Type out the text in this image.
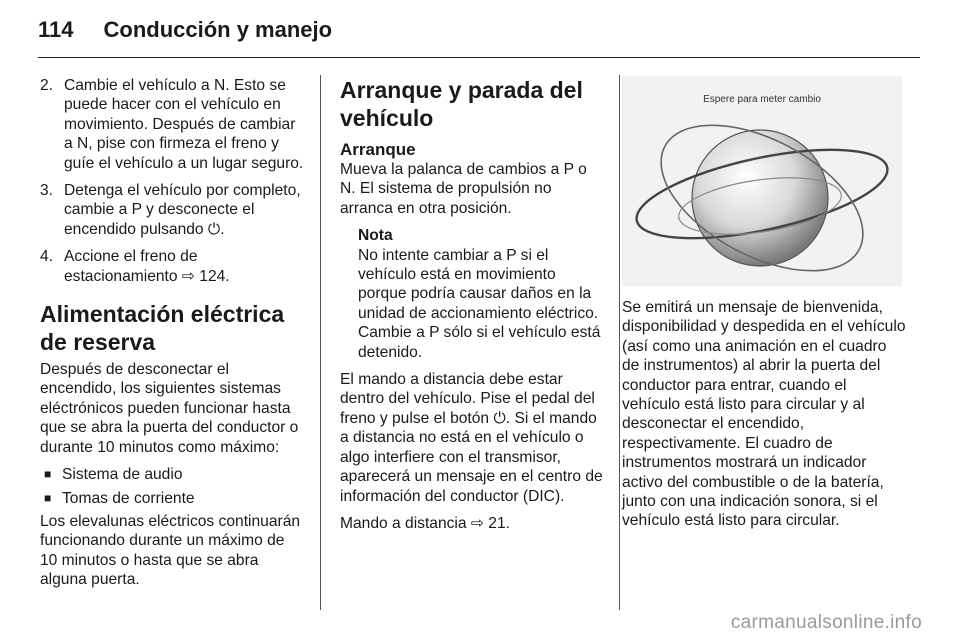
114 Conducción y manejo
2. Cambie el vehículo a N. Esto se puede hacer con el vehículo en movimiento. Después de cambiar a N, pise con firmeza el freno y guíe el vehículo a un lugar seguro.
3. Detenga el vehículo por completo, cambie a P y desconecte el encendido pulsando ⏻.
4. Accione el freno de estacionamiento ⇨ 124.
Alimentación eléctrica de reserva
Después de desconectar el encendido, los siguientes sistemas eléctrónicos pueden funcionar hasta que se abra la puerta del conductor o durante 10 minutos como máximo:
■ Sistema de audio
■ Tomas de corriente
Los elevalunas eléctricos continuarán funcionando durante un máximo de 10 minutos o hasta que se abra alguna puerta.
Arranque y parada del vehículo
Arranque
Mueva la palanca de cambios a P o N. El sistema de propulsión no arranca en otra posición.
Nota
No intente cambiar a P si el vehículo está en movimiento porque podría causar daños en la unidad de accionamiento eléctrico. Cambie a P sólo si el vehículo está detenido.
El mando a distancia debe estar dentro del vehículo. Pise el pedal del freno y pulse el botón ⏻. Si el mando a distancia no está en el vehículo o algo interfiere con el transmisor, aparecerá un mensaje en el centro de información del conductor (DIC).
Mando a distancia ⇨ 21.
Espere para meter cambio
Se emitirá un mensaje de bienvenida, disponibilidad y despedida en el vehículo (así como una animación en el cuadro de instrumentos) al abrir la puerta del conductor para entrar, cuando el vehículo está listo para circular y al desconectar el encendido, respectivamente. El cuadro de instrumentos mostrará un indicador activo del combustible o de la batería, junto con una indicación sonora, si el vehículo está listo para circular.
carmanualsonline.info
